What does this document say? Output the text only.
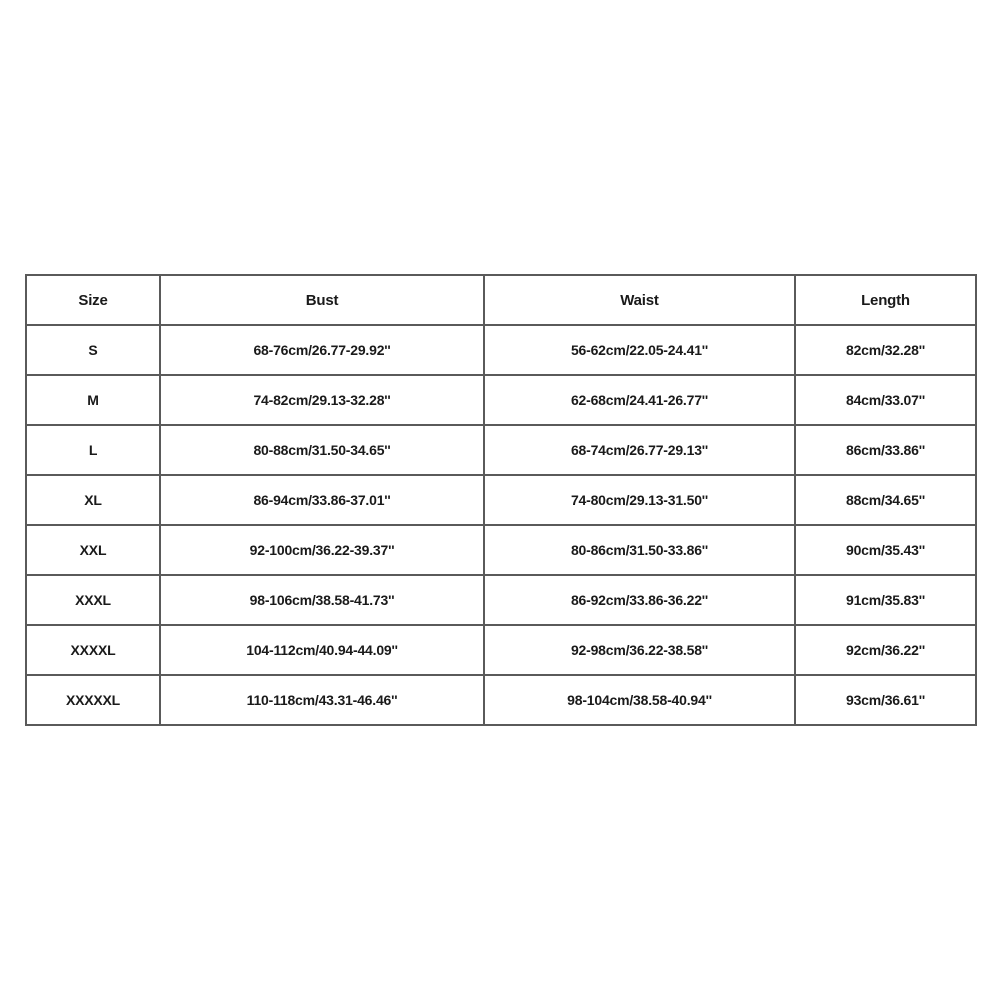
Size	Bust	Waist	Length
S	68-76cm/26.77-29.92''	56-62cm/22.05-24.41''	82cm/32.28''
M	74-82cm/29.13-32.28''	62-68cm/24.41-26.77''	84cm/33.07''
L	80-88cm/31.50-34.65''	68-74cm/26.77-29.13''	86cm/33.86''
XL	86-94cm/33.86-37.01''	74-80cm/29.13-31.50''	88cm/34.65''
XXL	92-100cm/36.22-39.37''	80-86cm/31.50-33.86''	90cm/35.43''
XXXL	98-106cm/38.58-41.73''	86-92cm/33.86-36.22''	91cm/35.83''
XXXXL	104-112cm/40.94-44.09''	92-98cm/36.22-38.58''	92cm/36.22''
XXXXXL	110-118cm/43.31-46.46''	98-104cm/38.58-40.94''	93cm/36.61''
